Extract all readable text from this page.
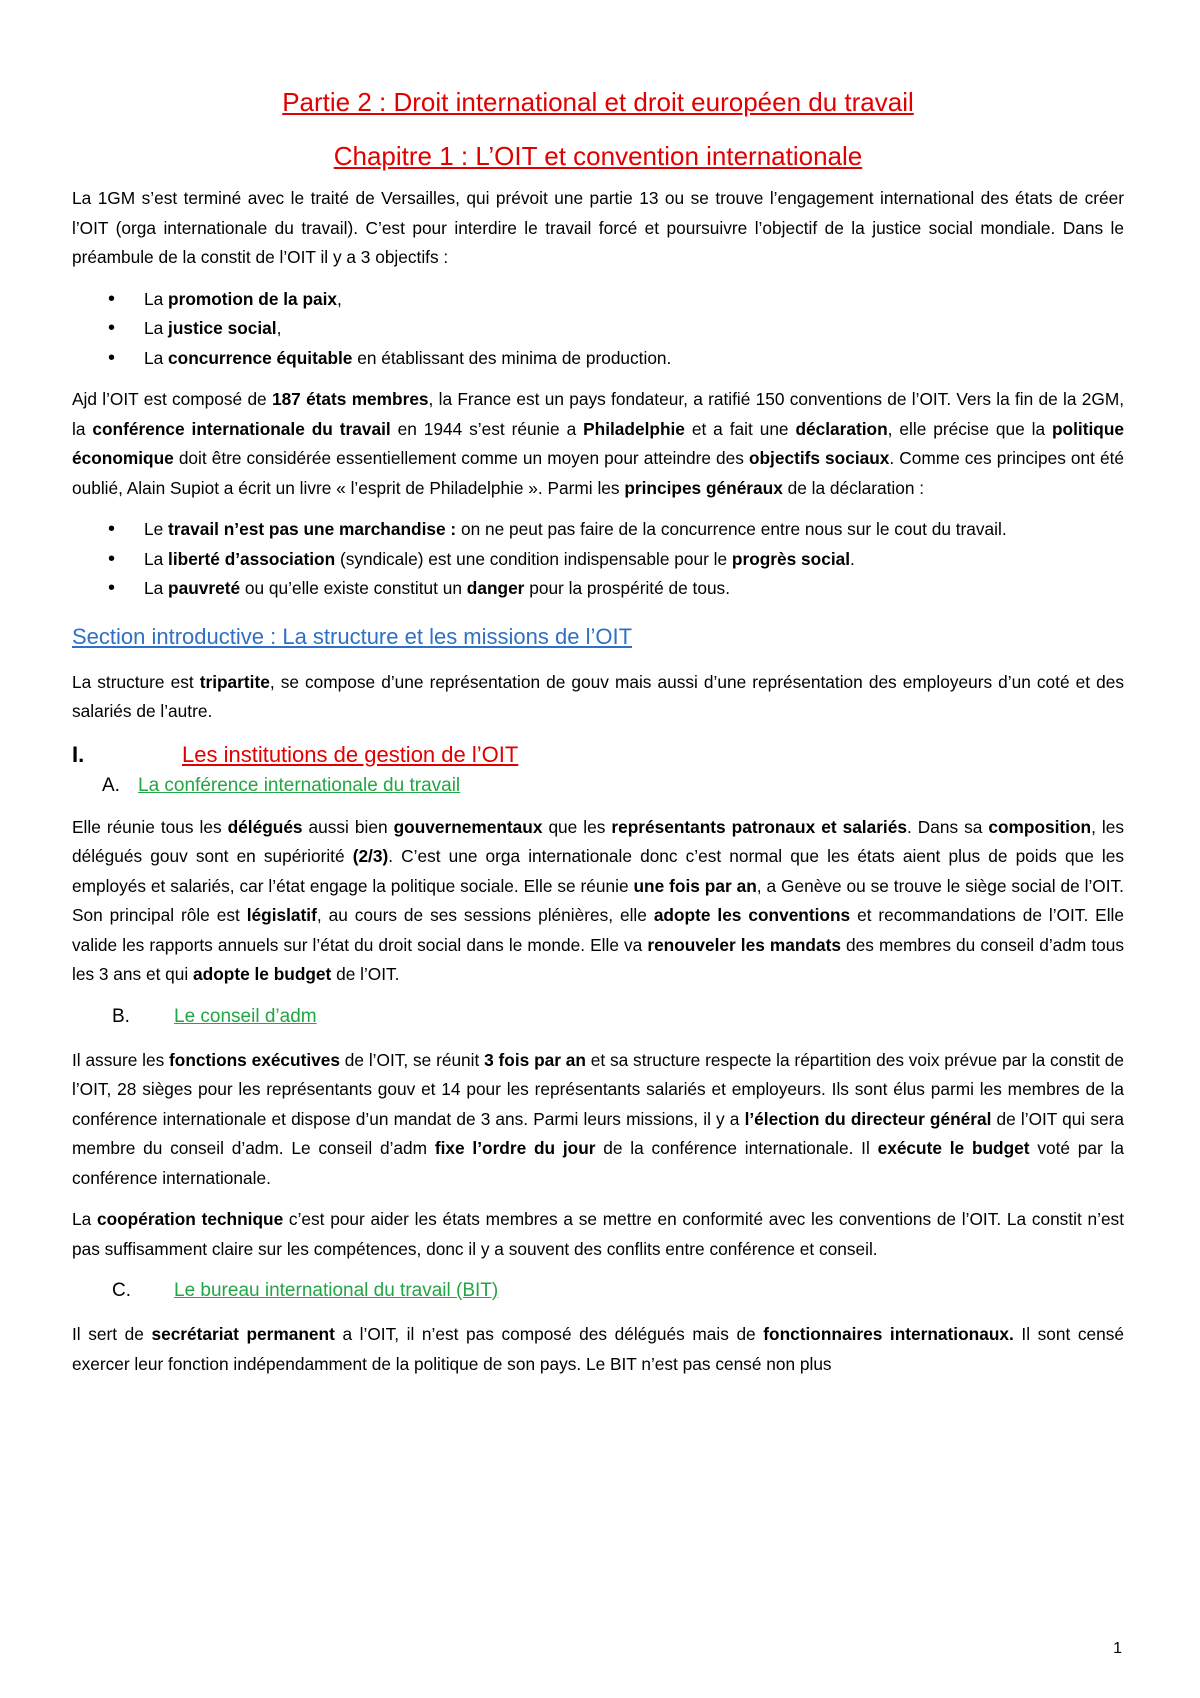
Partie 2 : Droit international et droit européen du travail
Chapitre 1 : L’OIT et convention internationale

La 1GM s’est terminé avec le traité de Versailles, qui prévoit une partie 13 ou se trouve l’engagement international des états de créer l’OIT (orga internationale du travail). C’est pour interdire le travail forcé et poursuivre l’objectif de la justice social mondiale. Dans le préambule de la constit de l’OIT il y a 3 objectifs :

• La promotion de la paix,
• La justice social,
• La concurrence équitable en établissant des minima de production.

Ajd l’OIT est composé de 187 états membres, la France est un pays fondateur, a ratifié 150 conventions de l’OIT. Vers la fin de la 2GM, la conférence internationale du travail en 1944 s’est réunie a Philadelphie et a fait une déclaration, elle précise que la politique économique doit être considérée essentiellement comme un moyen pour atteindre des objectifs sociaux. Comme ces principes ont été oublié, Alain Supiot a écrit un livre « l’esprit de Philadelphie ». Parmi les principes généraux de la déclaration :

• Le travail n’est pas une marchandise : on ne peut pas faire de la concurrence entre nous sur le cout du travail.
• La liberté d’association (syndicale) est une condition indispensable pour le progrès social.
• La pauvreté ou qu’elle existe constitut un danger pour la prospérité de tous.
Section introductive : La structure et les missions de l’OIT

La structure est tripartite, se compose d’une représentation de gouv mais aussi d’une représentation des employeurs d’un coté et des salariés de l’autre.

I.	Les institutions de gestion de l’OIT
A. La conférence internationale du travail

Elle réunie tous les délégués aussi bien gouvernementaux que les représentants patronaux et salariés. Dans sa composition, les délégués gouv sont en supériorité (2/3). C’est une orga internationale donc c’est normal que les états aient plus de poids que les employés et salariés, car l’état engage la politique sociale. Elle se réunie une fois par an, a Genève ou se trouve le siège social de l’OIT. Son principal rôle est législatif, au cours de ses sessions plénières, elle adopte les conventions et recommandations de l’OIT. Elle valide les rapports annuels sur l’état du droit social dans le monde. Elle va renouveler les mandats des membres du conseil d’adm tous les 3 ans et qui adopte le budget de l’OIT.

B.	Le conseil d’adm

Il assure les fonctions exécutives de l’OIT, se réunit 3 fois par an et sa structure respecte la répartition des voix prévue par la constit de l’OIT, 28 sièges pour les représentants gouv et 14 pour les représentants salariés et employeurs. Ils sont élus parmi les membres de la conférence internationale et dispose d’un mandat de 3 ans. Parmi leurs missions, il y a l’élection du directeur général de l’OIT qui sera membre du conseil d’adm. Le conseil d’adm fixe l’ordre du jour de la conférence internationale. Il exécute le budget voté par la conférence internationale.

La coopération technique c’est pour aider les états membres a se mettre en conformité avec les conventions de l’OIT. La constit n’est pas suffisamment claire sur les compétences, donc il y a souvent des conflits entre conférence et conseil.

C.	Le bureau international du travail (BIT)

Il sert de secrétariat permanent a l’OIT, il n’est pas composé des délégués mais de fonctionnaires internationaux. Il sont censé exercer leur fonction indépendamment de la politique de son pays. Le BIT n’est pas censé non plus

1
